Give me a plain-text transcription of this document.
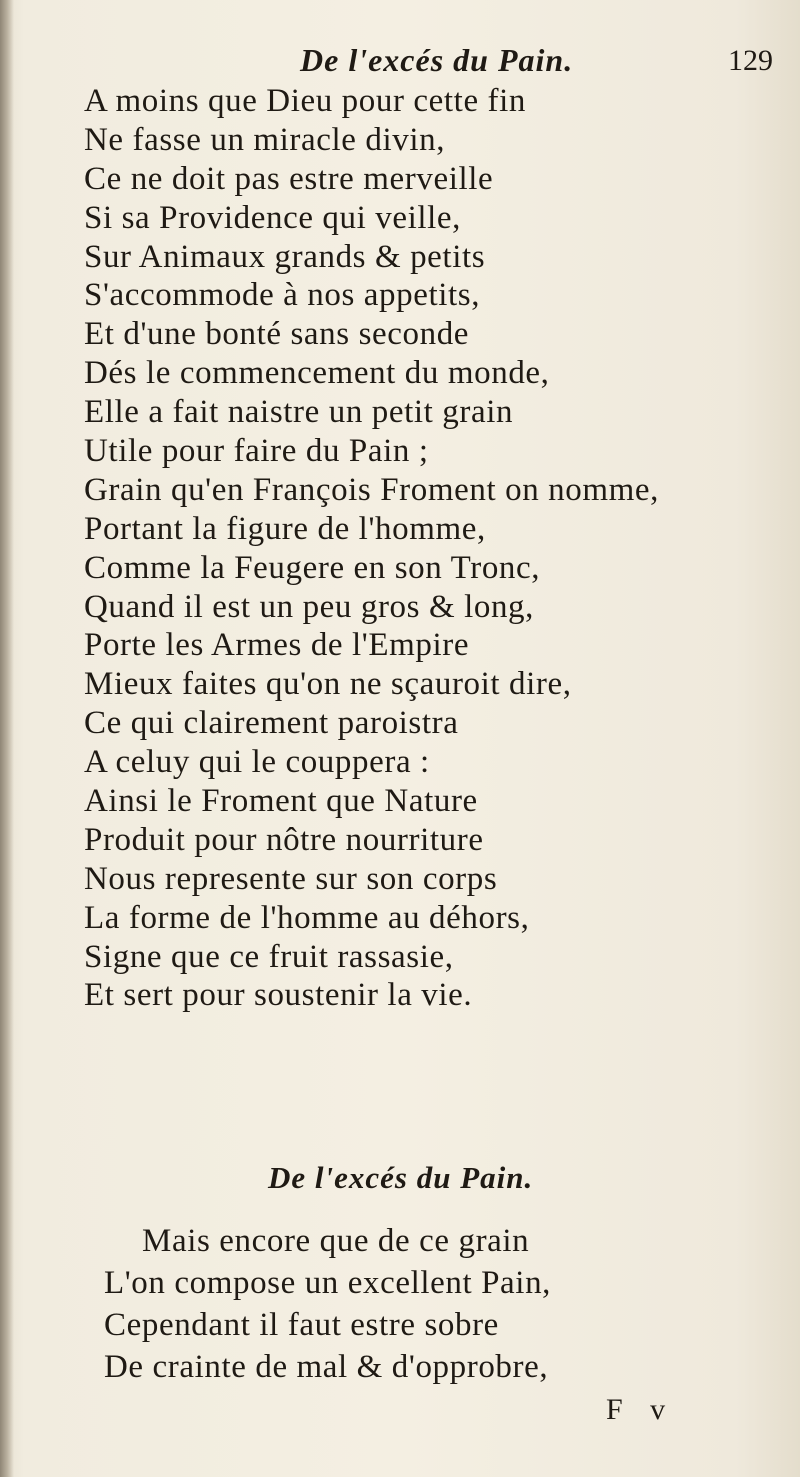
De l'excés du Pain.	129
A moins que Dieu pour cette fin
Ne fasse un miracle divin,
Ce ne doit pas estre merveille
Si sa Providence qui veille,
Sur Animaux grands & petits
S'accommode à nos appetits,
Et d'une bonté sans seconde
Dés le commencement du monde,
Elle a fait naistre un petit grain
Utile pour faire du Pain ;
Grain qu'en François Froment on nomme,
Portant la figure de l'homme,
Comme la Feugere en son Tronc,
Quand il est un peu gros & long,
Porte les Armes de l'Empire
Mieux faites qu'on ne sçauroit dire,
Ce qui clairement paroistra
A celuy qui le couppera :
Ainsi le Froment que Nature
Produit pour nôtre nourriture
Nous represente sur son corps
La forme de l'homme au déhors,
Signe que ce fruit rassasie,
Et sert pour soustenir la vie.
De l'excés du Pain.
Mais encore que de ce grain
L'on compose un excellent Pain,
Cependant il faut estre sobre
De crainte de mal & d'opprobre,
F v
